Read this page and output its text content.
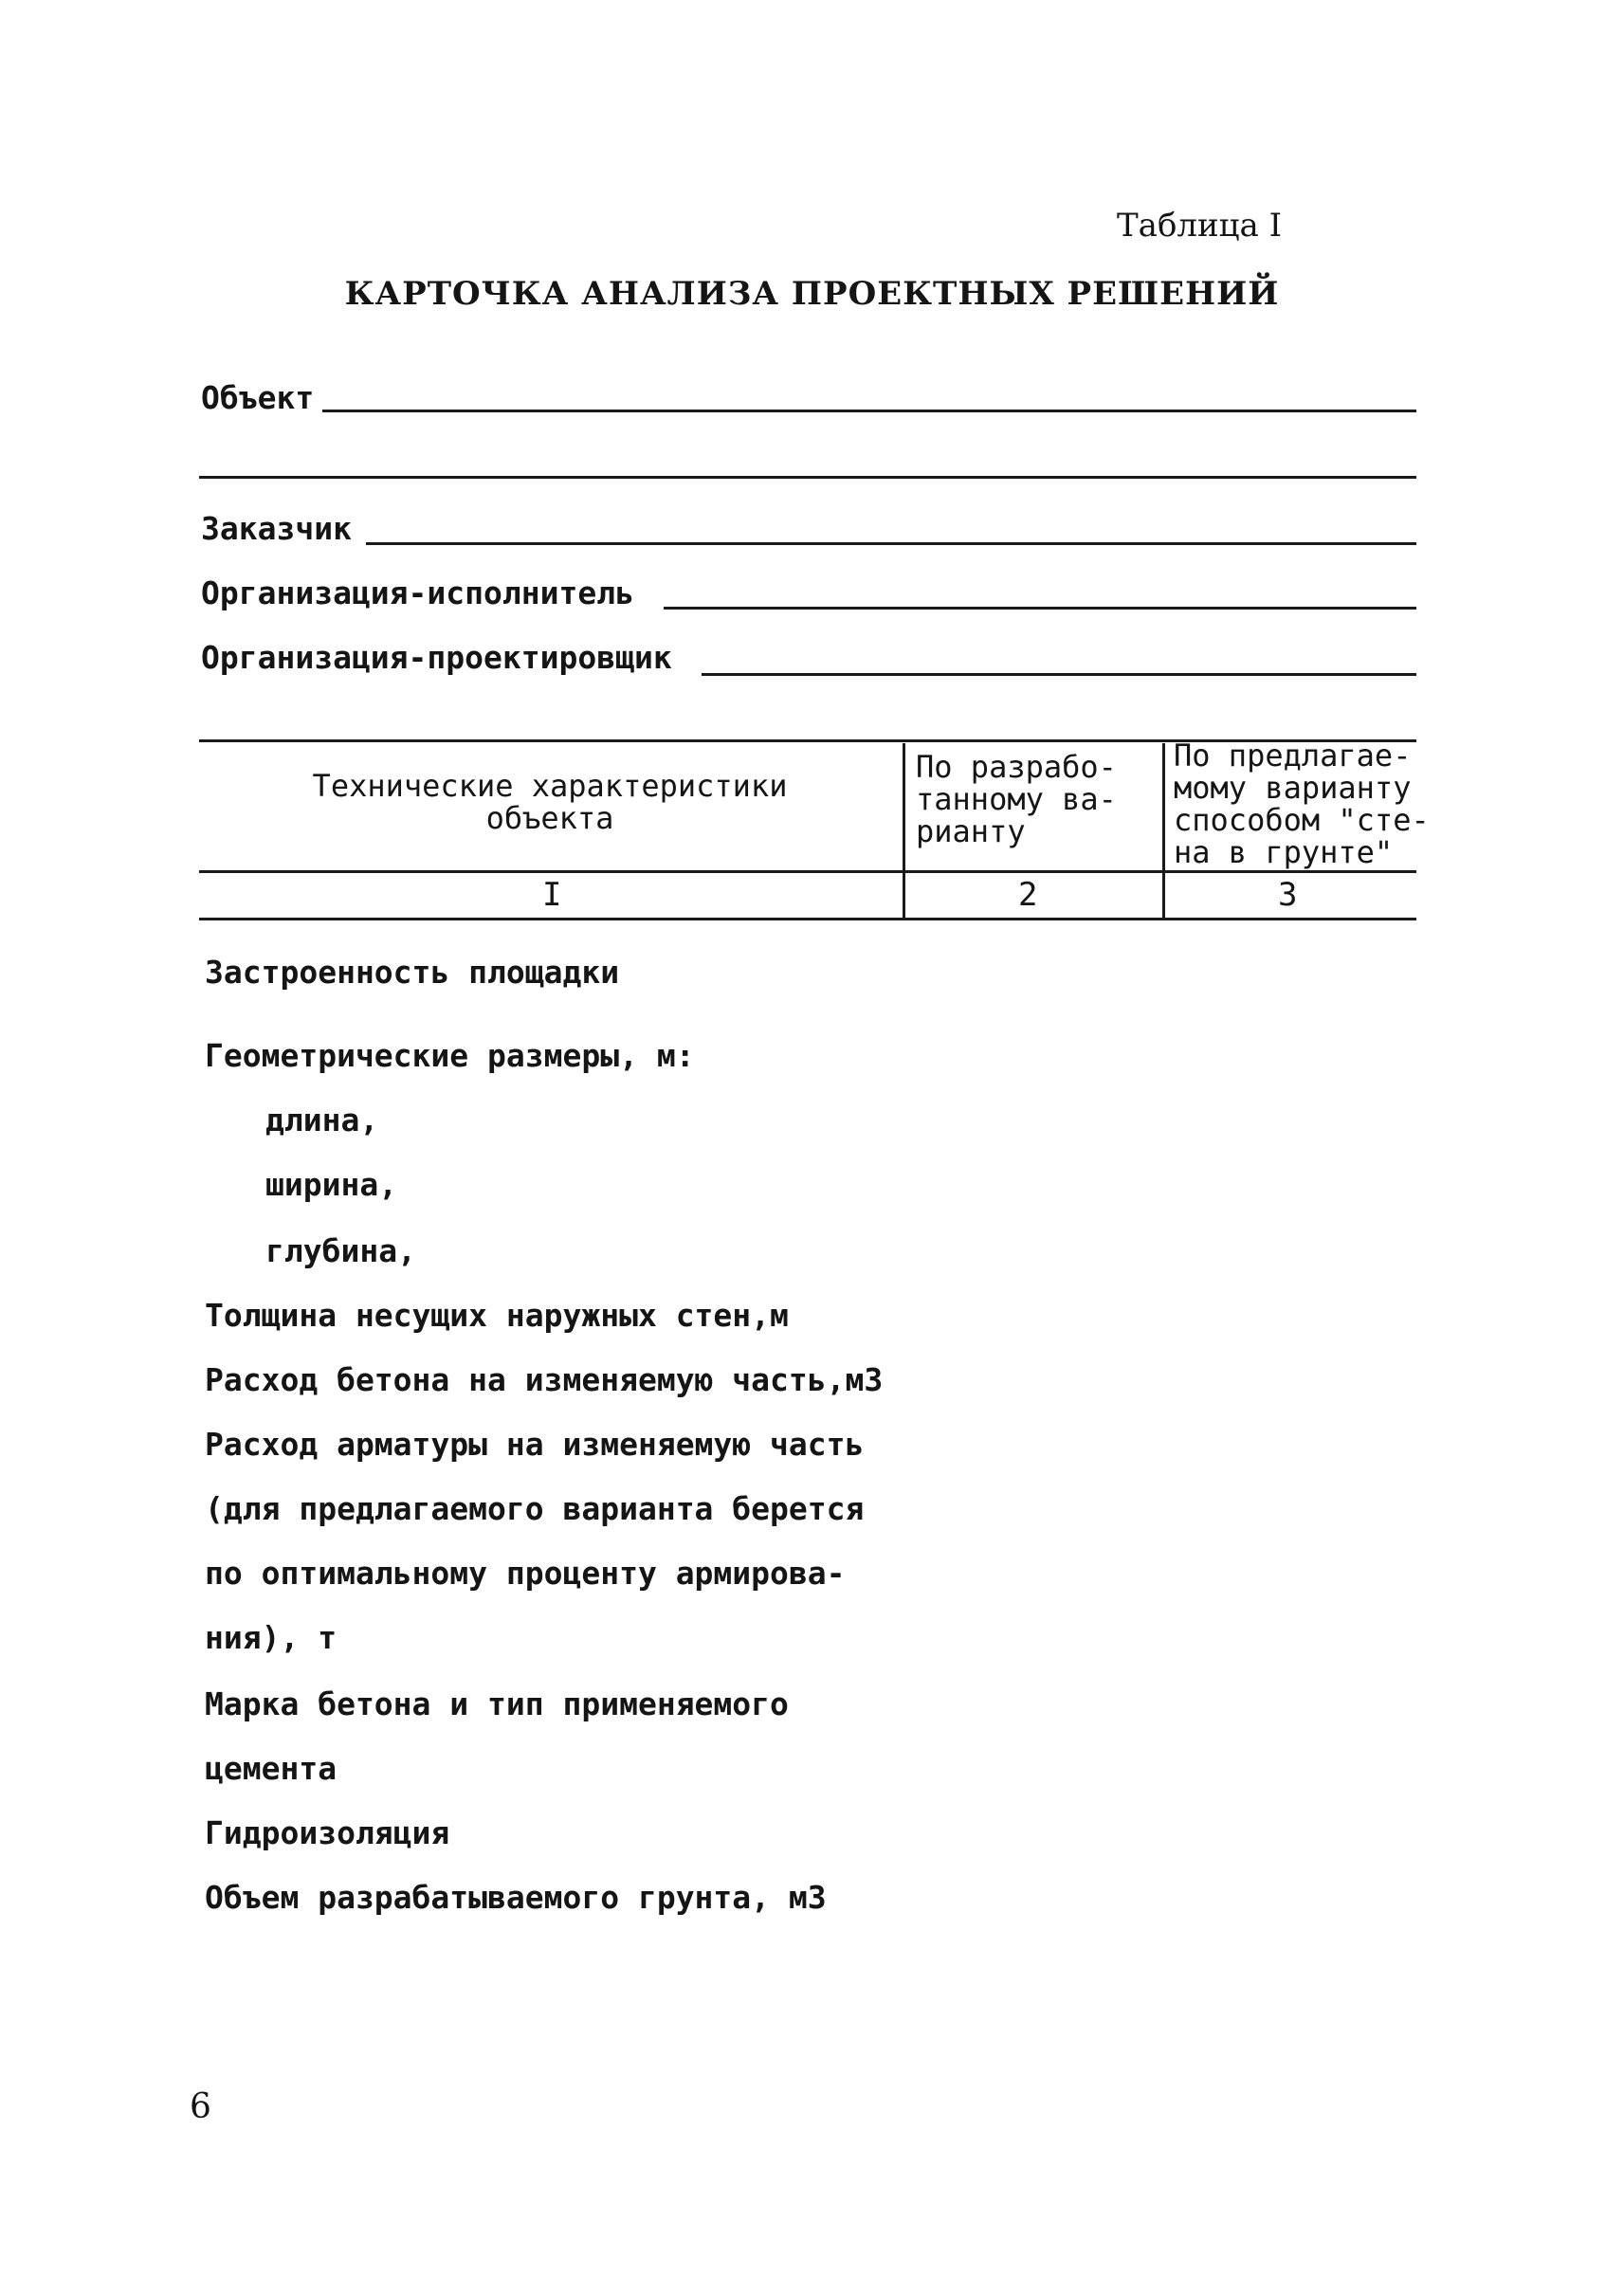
Таблица I
КАРТОЧКА АНАЛИЗА ПРОЕКТНЫХ РЕШЕНИЙ
Объект
Заказчик
Организация-исполнитель
Организация-проектировщик
Технические характеристики
объекта
По разрабо-
танному ва-
рианту
По предлагае-
мому варианту
способом "сте-
на в грунте"
I	2	3
Застроенность площадки
Геометрические размеры, м:
длина,
ширина,
глубина,
Толщина несущих наружных стен,м
Расход бетона на изменяемую часть,м3
Расход арматуры на изменяемую часть
(для предлагаемого варианта берется
по оптимальному проценту армирова-
ния), т
Марка бетона и тип применяемого
цемента
Гидроизоляция
Объем разрабатываемого грунта, м3
6
